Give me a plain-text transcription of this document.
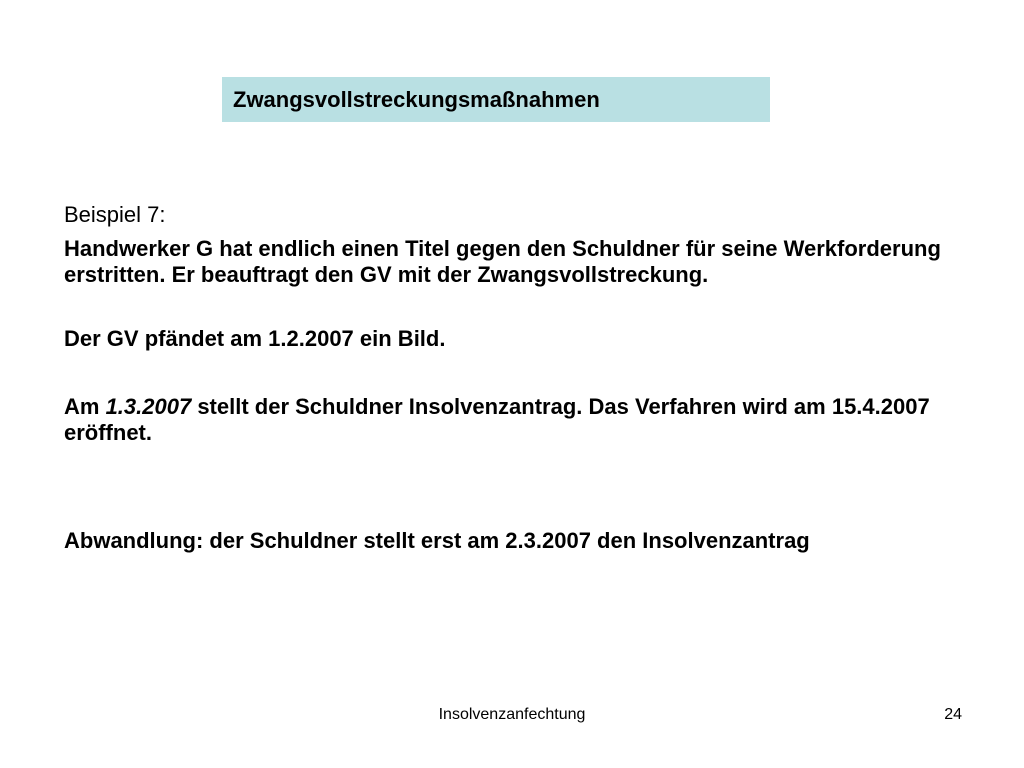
Zwangsvollstreckungsmaßnahmen
Beispiel 7:
Handwerker G hat endlich einen Titel gegen den Schuldner für seine Werkforderung erstritten. Er beauftragt den GV mit der Zwangsvollstreckung.
Der GV pfändet am 1.2.2007 ein Bild.
Am 1.3.2007 stellt der Schuldner Insolvenzantrag. Das Verfahren wird am 15.4.2007 eröffnet.
Abwandlung: der Schuldner stellt erst am 2.3.2007 den Insolvenzantrag
Insolvenzanfechtung	24
